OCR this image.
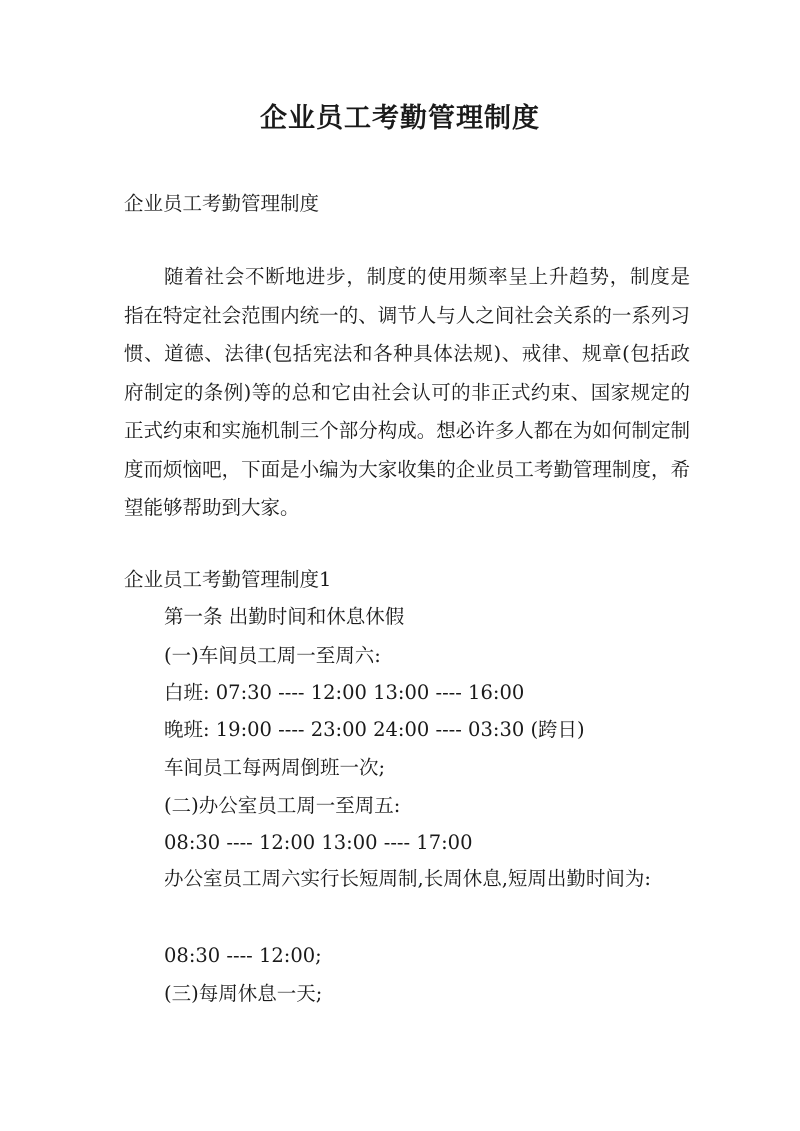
企业员工考勤管理制度
企业员工考勤管理制度
随着社会不断地进步，制度的使用频率呈上升趋势，制度是指在特定社会范围内统一的、调节人与人之间社会关系的一系列习惯、道德、法律(包括宪法和各种具体法规)、戒律、规章(包括政府制定的条例)等的总和它由社会认可的非正式约束、国家规定的正式约束和实施机制三个部分构成。想必许多人都在为如何制定制度而烦恼吧，下面是小编为大家收集的企业员工考勤管理制度，希望能够帮助到大家。
企业员工考勤管理制度1
第一条 出勤时间和休息休假
(一)车间员工周一至周六:
白班: 07:30 ---- 12:00 13:00 ---- 16:00
晚班: 19:00 ---- 23:00 24:00 ---- 03:30 (跨日)
车间员工每两周倒班一次;
(二)办公室员工周一至周五:
08:30 ---- 12:00 13:00 ---- 17:00
办公室员工周六实行长短周制,长周休息,短周出勤时间为:
08:30 ---- 12:00;
(三)每周休息一天;
